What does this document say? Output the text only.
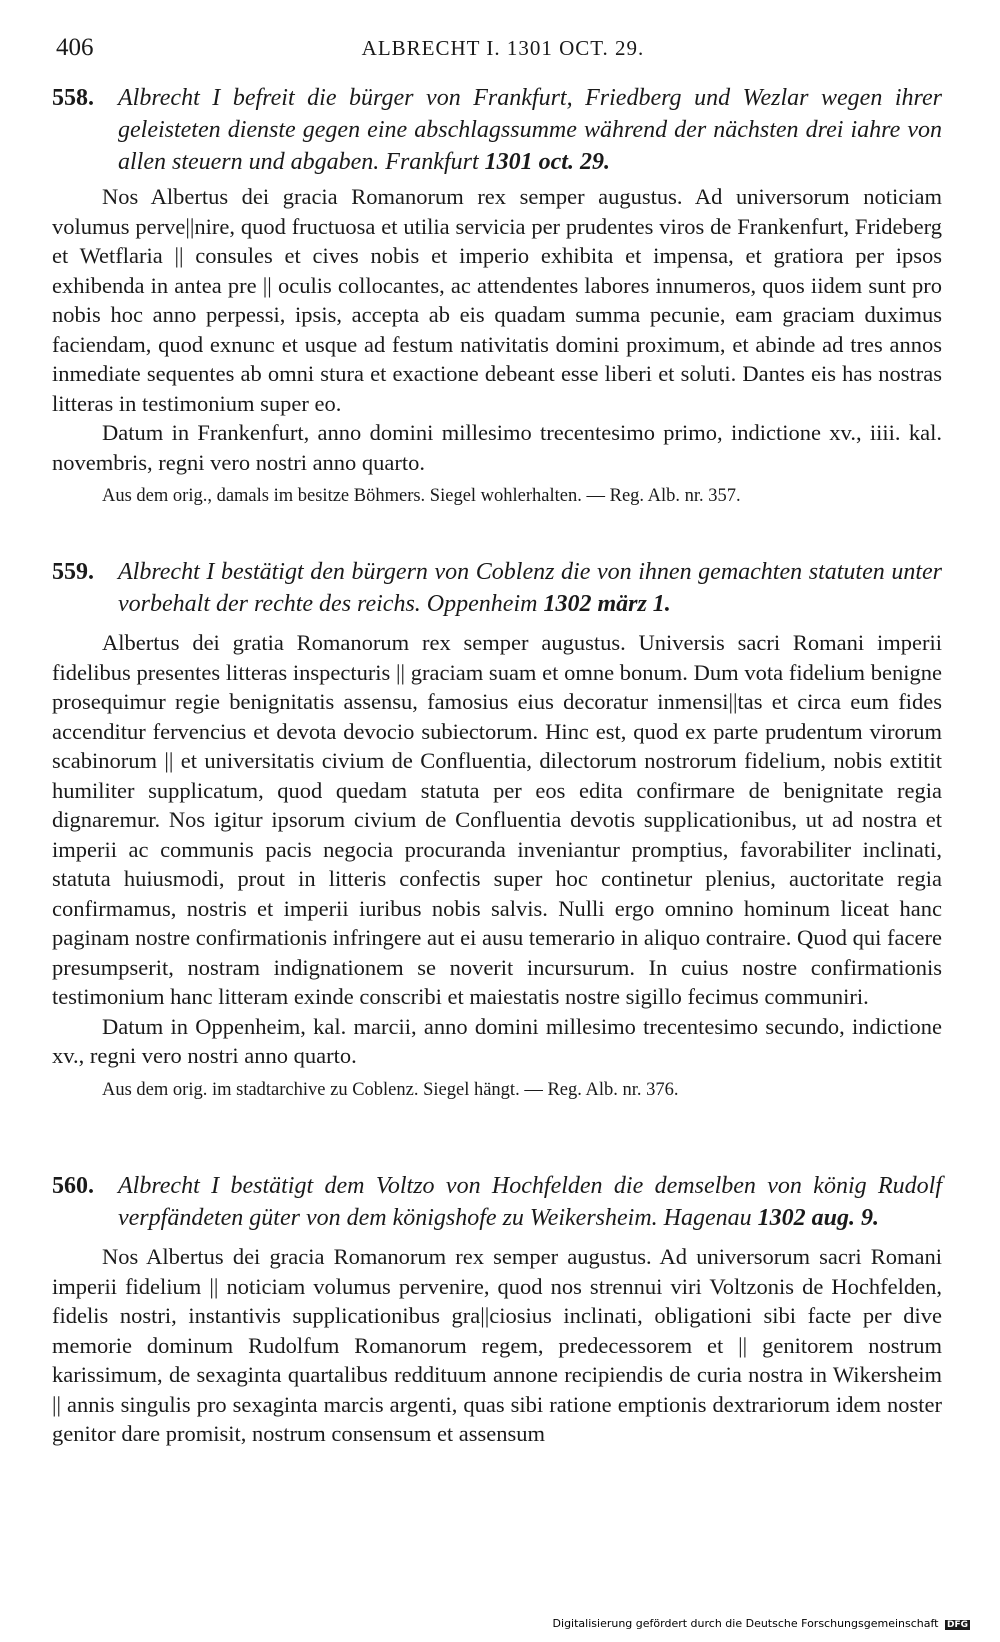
406	ALBRECHT I. 1301 OCT. 29.

558. Albrecht I befreit die bürger von Frankfurt, Friedberg und Wezlar wegen ihrer geleisteten dienste gegen eine abschlagssumme während der nächsten drei iahre von allen steuern und abgaben. Frankfurt 1301 oct. 29.

Nos Albertus dei gracia Romanorum rex semper augustus. Ad universorum noticiam volumus perve||nire, quod fructuosa et utilia servicia per prudentes viros de Frankenfurt, Frideberg et Wetflaria || consules et cives nobis et imperio exhibita et impensa, et gratiora per ipsos exhibenda in antea pre || oculis collocantes, ac attendentes labores innumeros, quos iidem sunt pro nobis hoc anno perpessi, ipsis, accepta ab eis quadam summa pecunie, eam graciam duximus faciendam, quod exnunc et usque ad festum nativitatis domini proximum, et abinde ad tres annos inmediate sequentes ab omni stura et exactione debeant esse liberi et soluti. Dantes eis has nostras litteras in testimonium super eo.

Datum in Frankenfurt, anno domini millesimo trecentesimo primo, indictione xv., iiii. kal. novembris, regni vero nostri anno quarto.

Aus dem orig., damals im besitze Böhmers. Siegel wohlerhalten. — Reg. Alb. nr. 357.

559. Albrecht I bestätigt den bürgern von Coblenz die von ihnen gemachten statuten unter vorbehalt der rechte des reichs. Oppenheim 1302 märz 1.

Albertus dei gratia Romanorum rex semper augustus. Universis sacri Romani imperii fidelibus presentes litteras inspecturis || graciam suam et omne bonum. Dum vota fidelium benigne prosequimur regie benignitatis assensu, famosius eius decoratur inmensi||tas et circa eum fides accenditur fervencius et devota devocio subiectorum. Hinc est, quod ex parte prudentum virorum scabinorum || et universitatis civium de Confluentia, dilectorum nostrorum fidelium, nobis extitit humiliter supplicatum, quod quedam statuta per eos edita confirmare de benignitate regia dignaremur. Nos igitur ipsorum civium de Confluentia devotis supplicationibus, ut ad nostra et imperii ac communis pacis negocia procuranda inveniantur promptius, favorabiliter inclinati, statuta huiusmodi, prout in litteris confectis super hoc continetur plenius, auctoritate regia confirmamus, nostris et imperii iuribus nobis salvis. Nulli ergo omnino hominum liceat hanc paginam nostre confirmationis infringere aut ei ausu temerario in aliquo contraire. Quod qui facere presumpserit, nostram indignationem se noverit incursurum. In cuius nostre confirmationis testimonium hanc litteram exinde conscribi et maiestatis nostre sigillo fecimus communiri.

Datum in Oppenheim, kal. marcii, anno domini millesimo trecentesimo secundo, indictione xv., regni vero nostri anno quarto.

Aus dem orig. im stadtarchive zu Coblenz. Siegel hängt. — Reg. Alb. nr. 376.

560. Albrecht I bestätigt dem Voltzo von Hochfelden die demselben von könig Rudolf verpfändeten güter von dem königshofe zu Weikersheim. Hagenau 1302 aug. 9.

Nos Albertus dei gracia Romanorum rex semper augustus. Ad universorum sacri Romani imperii fidelium || noticiam volumus pervenire, quod nos strennui viri Voltzonis de Hochfelden, fidelis nostri, instantivis supplicationibus gra||ciosius inclinati, obligationi sibi facte per dive memorie dominum Rudolfum Romanorum regem, predecessorem et || genitorem nostrum karissimum, de sexaginta quartalibus reddituum annone recipiendis de curia nostra in Wikersheim || annis singulis pro sexaginta marcis argenti, quas sibi ratione emptionis dextrariorum idem noster genitor dare promisit, nostrum consensum et assensum

Digitalisierung gefördert durch die Deutsche Forschungsgemeinschaft DFG
